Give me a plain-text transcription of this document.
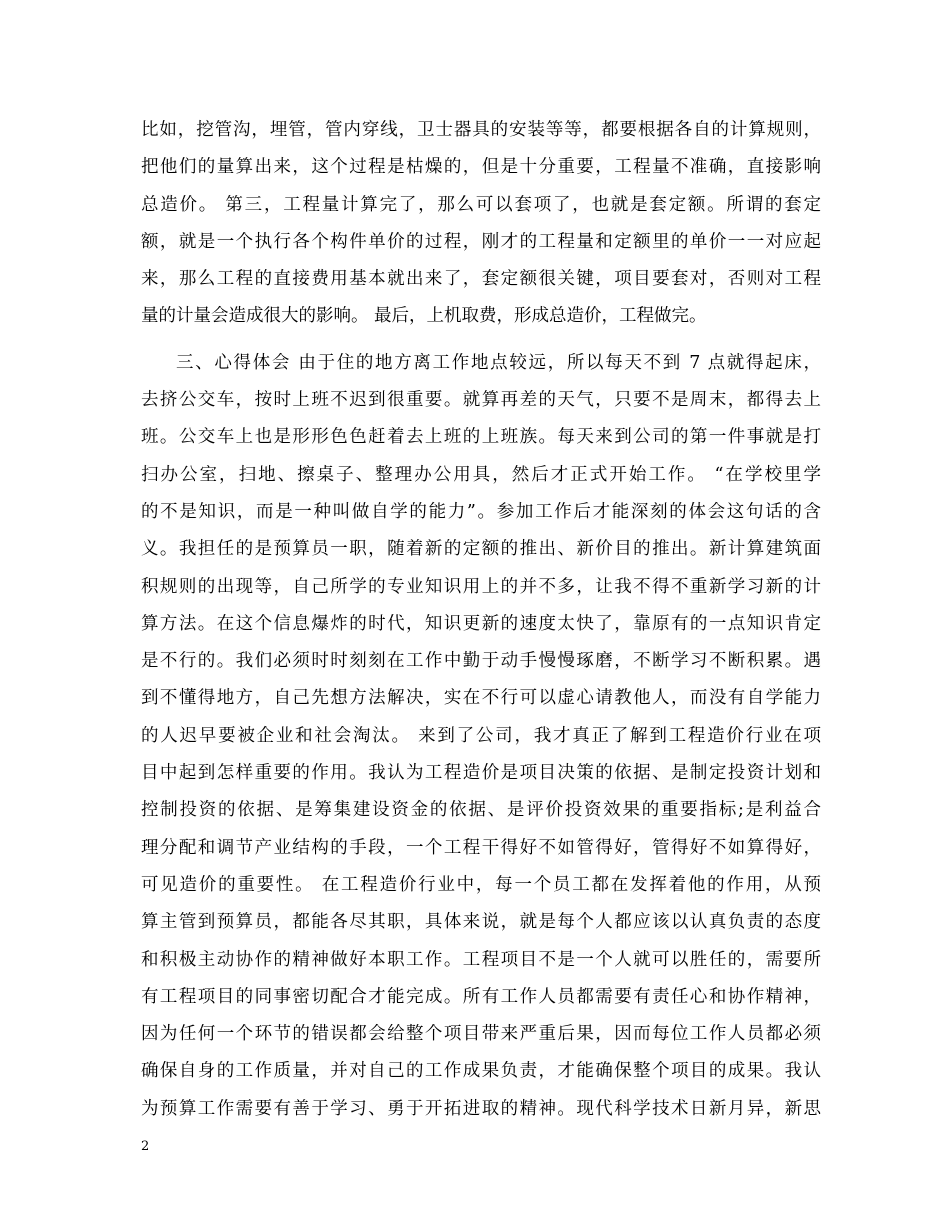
比如，挖管沟，埋管，管内穿线，卫士器具的安装等等，都要根据各自的计算规则，
把他们的量算出来，这个过程是枯燥的，但是十分重要，工程量不准确，直接影响
总造价。 第三，工程量计算完了，那么可以套项了，也就是套定额。所谓的套定
额，就是一个执行各个构件单价的过程，刚才的工程量和定额里的单价一一对应起
来，那么工程的直接费用基本就出来了，套定额很关键，项目要套对，否则对工程
量的计量会造成很大的影响。 最后，上机取费，形成总造价，工程做完。
三、心得体会 由于住的地方离工作地点较远，所以每天不到 7 点就得起床，
去挤公交车，按时上班不迟到很重要。就算再差的天气，只要不是周末，都得去上
班。公交车上也是形形色色赶着去上班的上班族。每天来到公司的第一件事就是打
扫办公室，扫地、擦桌子、整理办公用具，然后才正式开始工作。 “在学校里学
的不是知识，而是一种叫做自学的能力”。参加工作后才能深刻的体会这句话的含
义。我担任的是预算员一职，随着新的定额的推出、新价目的推出。新计算建筑面
积规则的出现等，自己所学的专业知识用上的并不多，让我不得不重新学习新的计
算方法。在这个信息爆炸的时代，知识更新的速度太快了，靠原有的一点知识肯定
是不行的。我们必须时时刻刻在工作中勤于动手慢慢琢磨，不断学习不断积累。遇
到不懂得地方，自己先想方法解决，实在不行可以虚心请教他人，而没有自学能力
的人迟早要被企业和社会淘汰。 来到了公司，我才真正了解到工程造价行业在项
目中起到怎样重要的作用。我认为工程造价是项目决策的依据、是制定投资计划和
控制投资的依据、是筹集建设资金的依据、是评价投资效果的重要指标;是利益合
理分配和调节产业结构的手段，一个工程干得好不如管得好，管得好不如算得好，
可见造价的重要性。 在工程造价行业中，每一个员工都在发挥着他的作用，从预
算主管到预算员，都能各尽其职，具体来说，就是每个人都应该以认真负责的态度
和积极主动协作的精神做好本职工作。工程项目不是一个人就可以胜任的，需要所
有工程项目的同事密切配合才能完成。所有工作人员都需要有责任心和协作精神，
因为任何一个环节的错误都会给整个项目带来严重后果，因而每位工作人员都必须
确保自身的工作质量，并对自己的工作成果负责，才能确保整个项目的成果。我认
为预算工作需要有善于学习、勇于开拓进取的精神。现代科学技术日新月异，新思
2
